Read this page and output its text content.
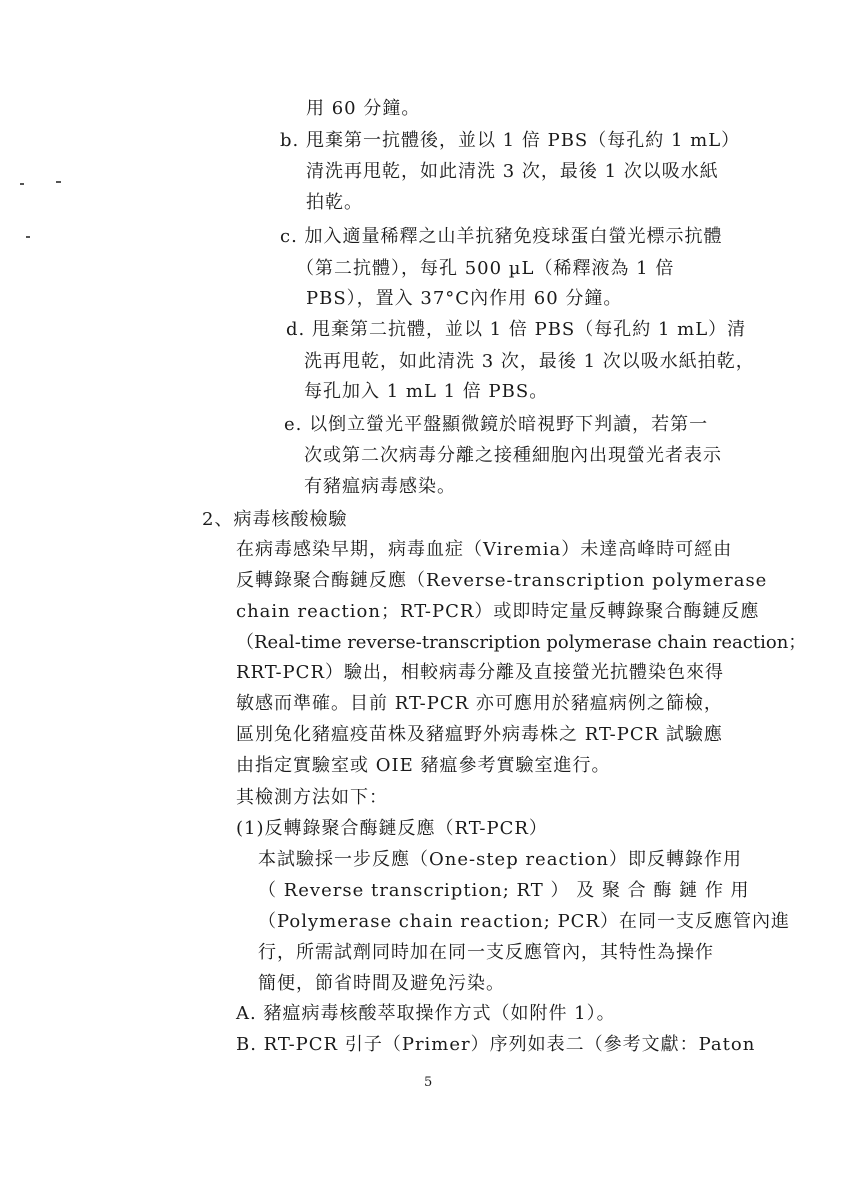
用 60 分鐘。
b. 甩棄第一抗體後，並以 1 倍 PBS（每孔約 1 mL）
清洗再甩乾，如此清洗 3 次，最後 1 次以吸水紙
拍乾。
c. 加入適量稀釋之山羊抗豬免疫球蛋白螢光標示抗體
（第二抗體），每孔 500 µL（稀釋液為 1 倍
PBS），置入 37°C內作用 60 分鐘。
d. 甩棄第二抗體，並以 1 倍 PBS（每孔約 1 mL）清
洗再甩乾，如此清洗 3 次，最後 1 次以吸水紙拍乾，
每孔加入 1 mL 1 倍 PBS。
e. 以倒立螢光平盤顯微鏡於暗視野下判讀，若第一
次或第二次病毒分離之接種細胞內出現螢光者表示
有豬瘟病毒感染。
2、病毒核酸檢驗
在病毒感染早期，病毒血症（Viremia）未達高峰時可經由
反轉錄聚合酶鏈反應（Reverse-transcription polymerase
chain reaction；RT-PCR）或即時定量反轉錄聚合酶鏈反應
（Real-time reverse-transcription polymerase chain reaction；
RRT-PCR）驗出，相較病毒分離及直接螢光抗體染色來得
敏感而準確。目前 RT-PCR 亦可應用於豬瘟病例之篩檢，
區別兔化豬瘟疫苗株及豬瘟野外病毒株之 RT-PCR 試驗應
由指定實驗室或 OIE 豬瘟參考實驗室進行。
其檢測方法如下：
(1)反轉錄聚合酶鏈反應（RT-PCR）
本試驗採一步反應（One-step reaction）即反轉錄作用
（ Reverse transcription; RT ） 及 聚 合 酶 鏈 作 用
（Polymerase chain reaction; PCR）在同一支反應管內進
行，所需試劑同時加在同一支反應管內，其特性為操作
簡便，節省時間及避免污染。
A. 豬瘟病毒核酸萃取操作方式（如附件 1）。
B. RT-PCR 引子（Primer）序列如表二（參考文獻：Paton
5
